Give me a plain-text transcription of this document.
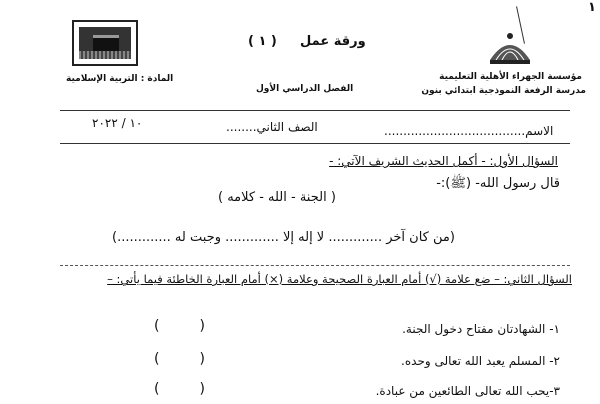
١
ورقة عمل
( ١ )
مؤسسة الجهراء الأهلية التعليمية
مدرسة الرفعة النموذجية ابتدائي بنون
المادة : التربية الإسلامية
الفصل الدراسي الأول
١٠ / ٢٠٢٢	الصف الثاني........	الاسم.....................................
السؤال الأول: - أكمل الحديث الشريف الآتي: -
قال رسول الله- (ﷺ):-
( الجنة - الله - كلامه )
(من كان آخر ............. لا إله إلا ............. وجبت له .............)
السؤال الثاني: – ضع علامة (√) أمام العبارة الصحيحة وعلامة (×) أمام العبارة الخاطئة فيما يأتي: –
١- الشهادتان مفتاح دخول الجنة.
(         )
٢- المسلم يعبد الله تعالى وحده.
(         )
٣-يحب الله تعالى الطائعين من عبادة.
(         )
